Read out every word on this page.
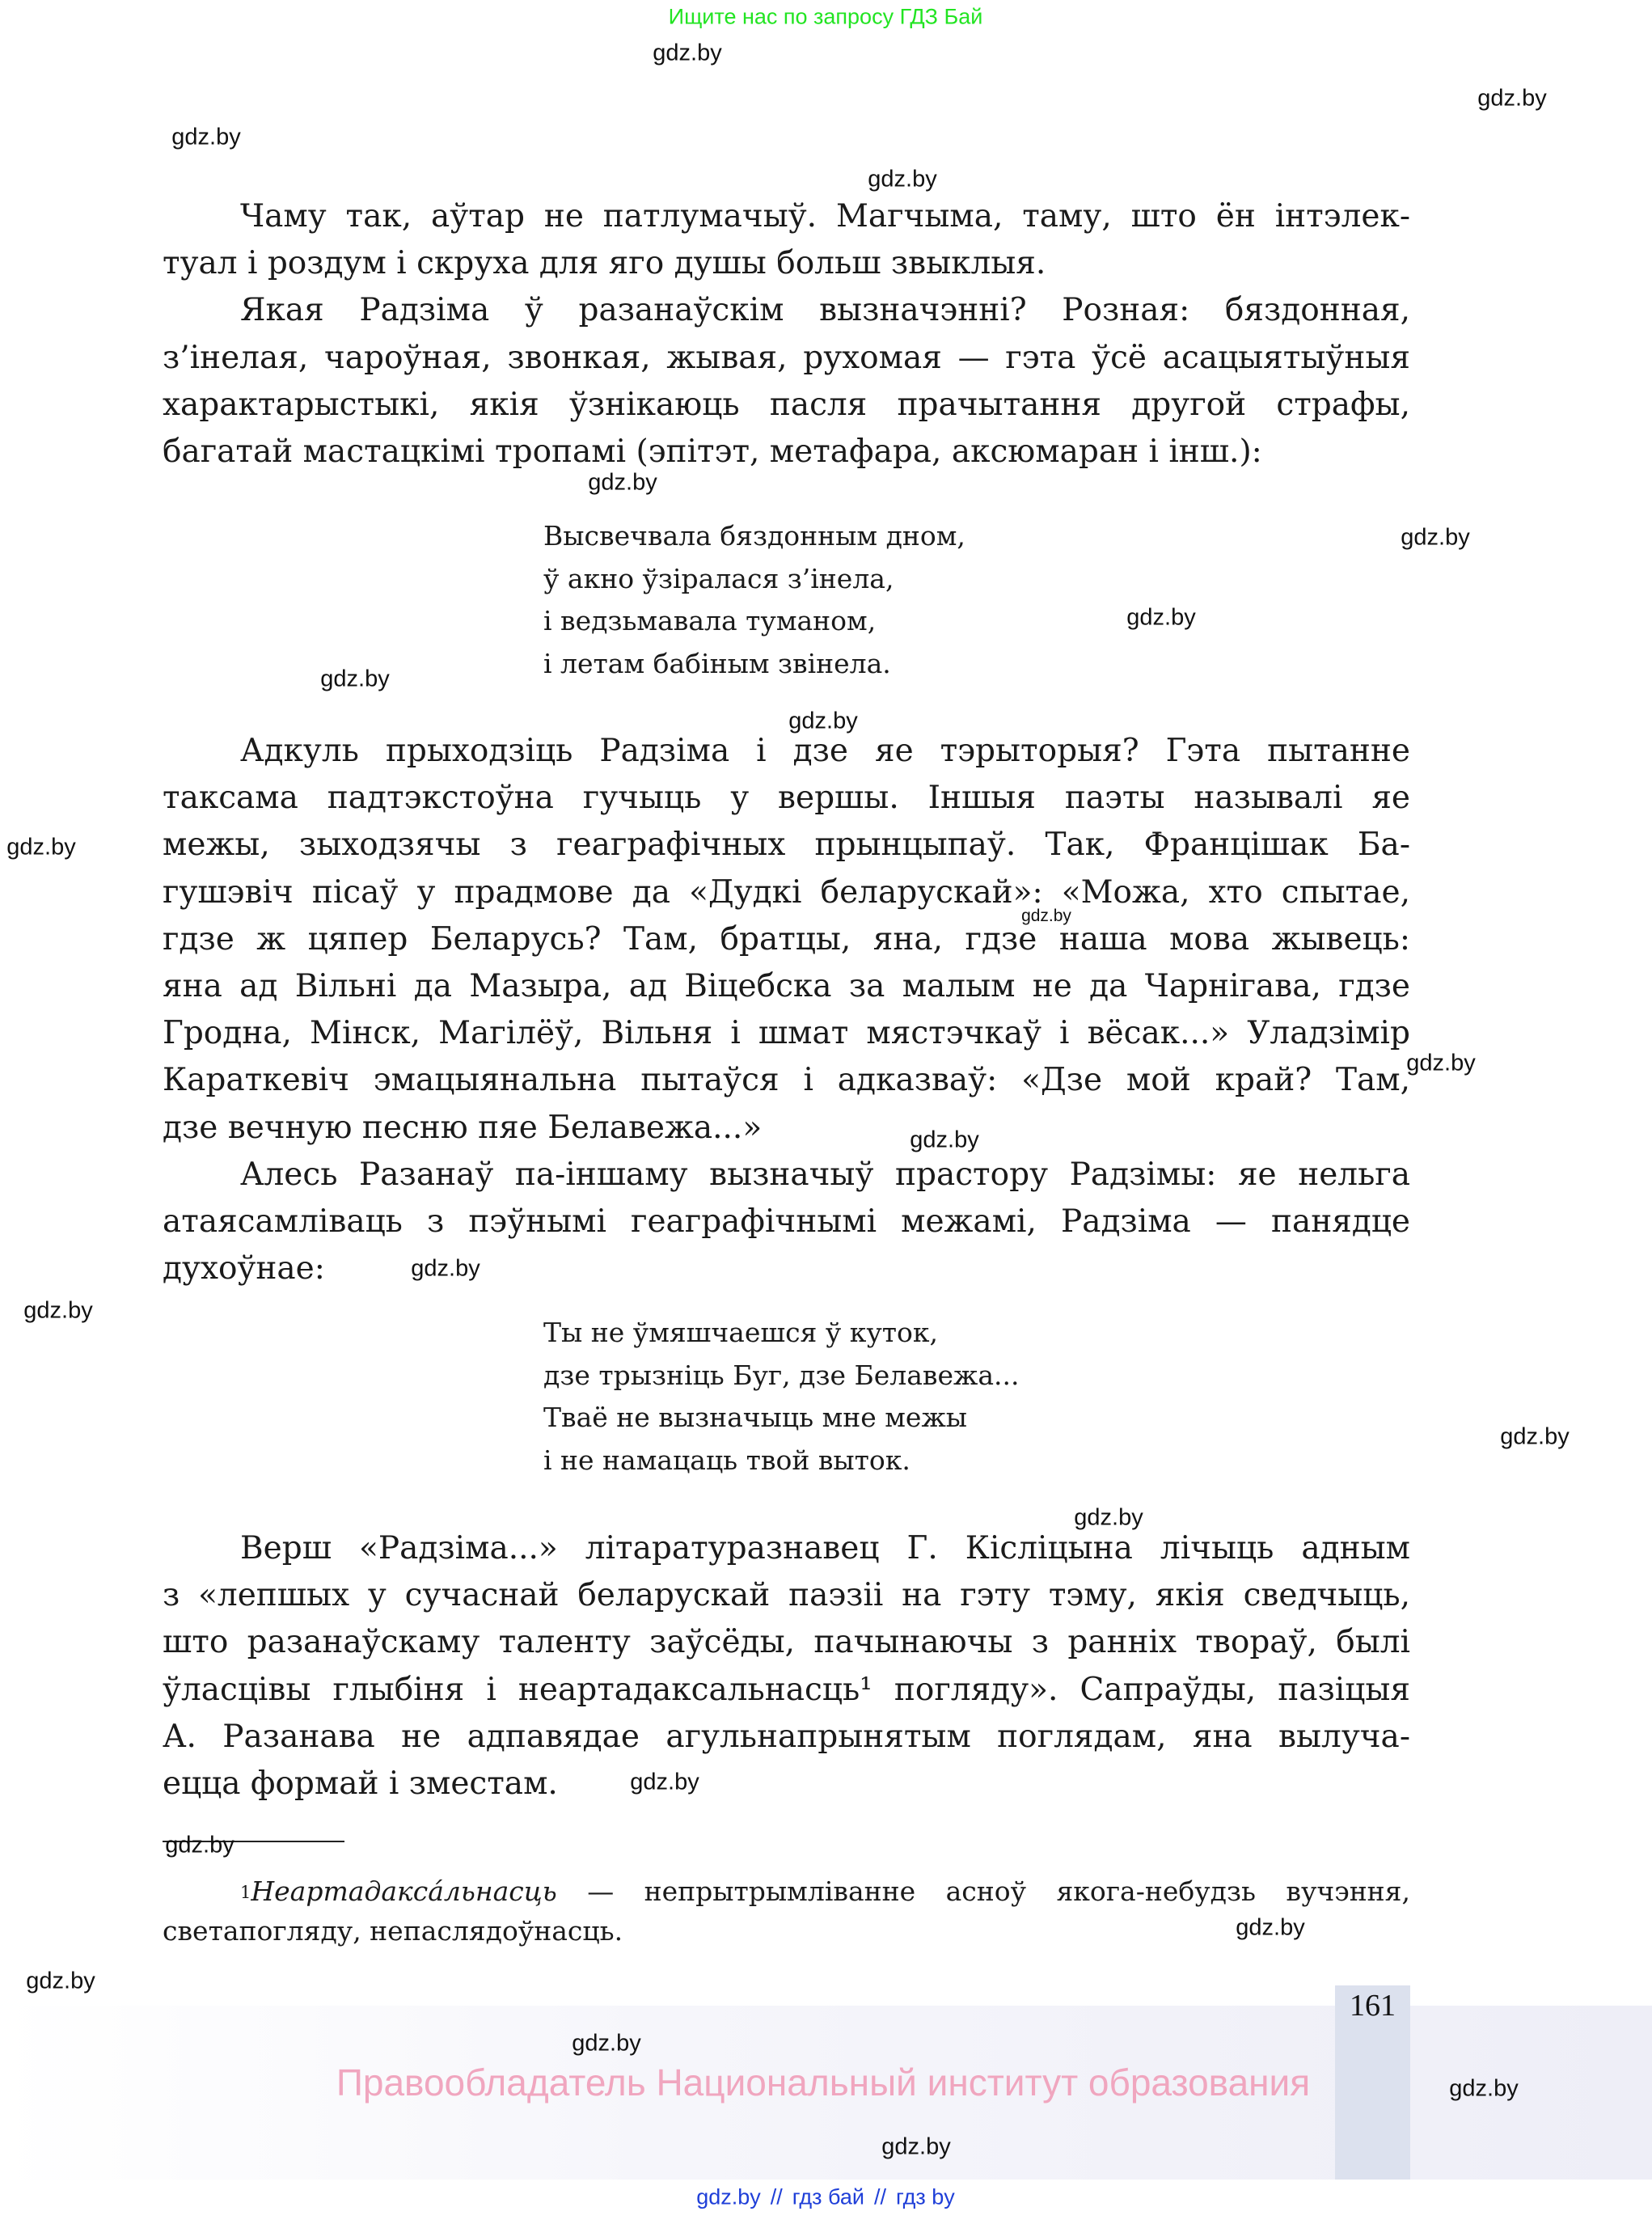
161
Ищите нас по запросу ГДЗ Бай
Чаму так, аўтар не патлумачыў. Магчыма, таму, што ён інтэлек-
туал і роздум і скруха для яго душы больш звыклыя.
Якая Радзіма ў разанаўскім вызначэнні? Розная: бяздонная,
з’інелая, чароўная, звонкая, жывая, рухомая — гэта ўсё асацыятыўныя
характарыстыкі, якія ўзнікаюць пасля прачытання другой страфы,
багатай мастацкімі тропамі (эпітэт, метафара, аксюмаран і інш.):
Адкуль прыходзіць Радзіма і дзе яе тэрыторыя? Гэта пытанне
таксама падтэкстоўна гучыць у вершы. Іншыя паэты называлі яе
межы, зыходзячы з геаграфічных прынцыпаў. Так, Францішак Ба-
гушэвіч пісаў у прадмове да «Дудкі беларускай»: «Можа, хто спытае,
гдзе ж цяпер Беларусь? Там, братцы, яна, гдзе наша мова жывець:
яна ад Вільні да Мазыра, ад Віцебска за малым не да Чарнігава, гдзе
Гродна, Мінск, Магілёў, Вільня і шмат мястэчкаў і вёсак...» Уладзімір
Караткевіч эмацыянальна пытаўся і адказваў: «Дзе мой край? Там,
дзе вечную песню пяе Белавежа...»
Алесь Разанаў па-іншаму вызначыў прастору Радзімы: яе нельга
атаясамліваць з пэўнымі геаграфічнымі межамі, Радзіма — панядце
духоўнае:
Верш «Радзіма...» літаратуразнавец Г. Кісліцына лічыць адным
з «лепшых у сучаснай беларускай паэзіі на гэту тэму, якія сведчыць,
што разанаўскаму таленту заўсёды, пачынаючы з ранніх твораў, былі
ўласцівы глыбіня і неартадаксальнасць¹ погляду». Сапраўды, пазіцыя
А. Разанава не адпавядае агульнапрынятым поглядам, яна вылуча-
ецца формай і зместам.
Высвечвала бяздонным дном,
ў акно ўзіралася з’інела,
і ведзьмавала туманом,
і летам бабіным звінела.
Ты не ўмяшчаешся ў куток,
дзе трызніць Буг, дзе Белавежа...
Тваё не вызначыць мне межы
і не намацаць твой выток.
$^1$Неартадакса́льнасць — непрытрымліванне асноў якога-небудзь вучэння,
светапогляду, непаслядоўнасць.
Правообладатель Национальный институт образования
gdz.by // гдз бай // гдз by
gdz.by
gdz.by
gdz.by
gdz.by
gdz.by
gdz.by
gdz.by
gdz.by
gdz.by
gdz.by
gdz.by
gdz.by
gdz.by
gdz.by
gdz.by
gdz.by
gdz.by
gdz.by
gdz.by
gdz.by
gdz.by
gdz.by
gdz.by
gdz.by
